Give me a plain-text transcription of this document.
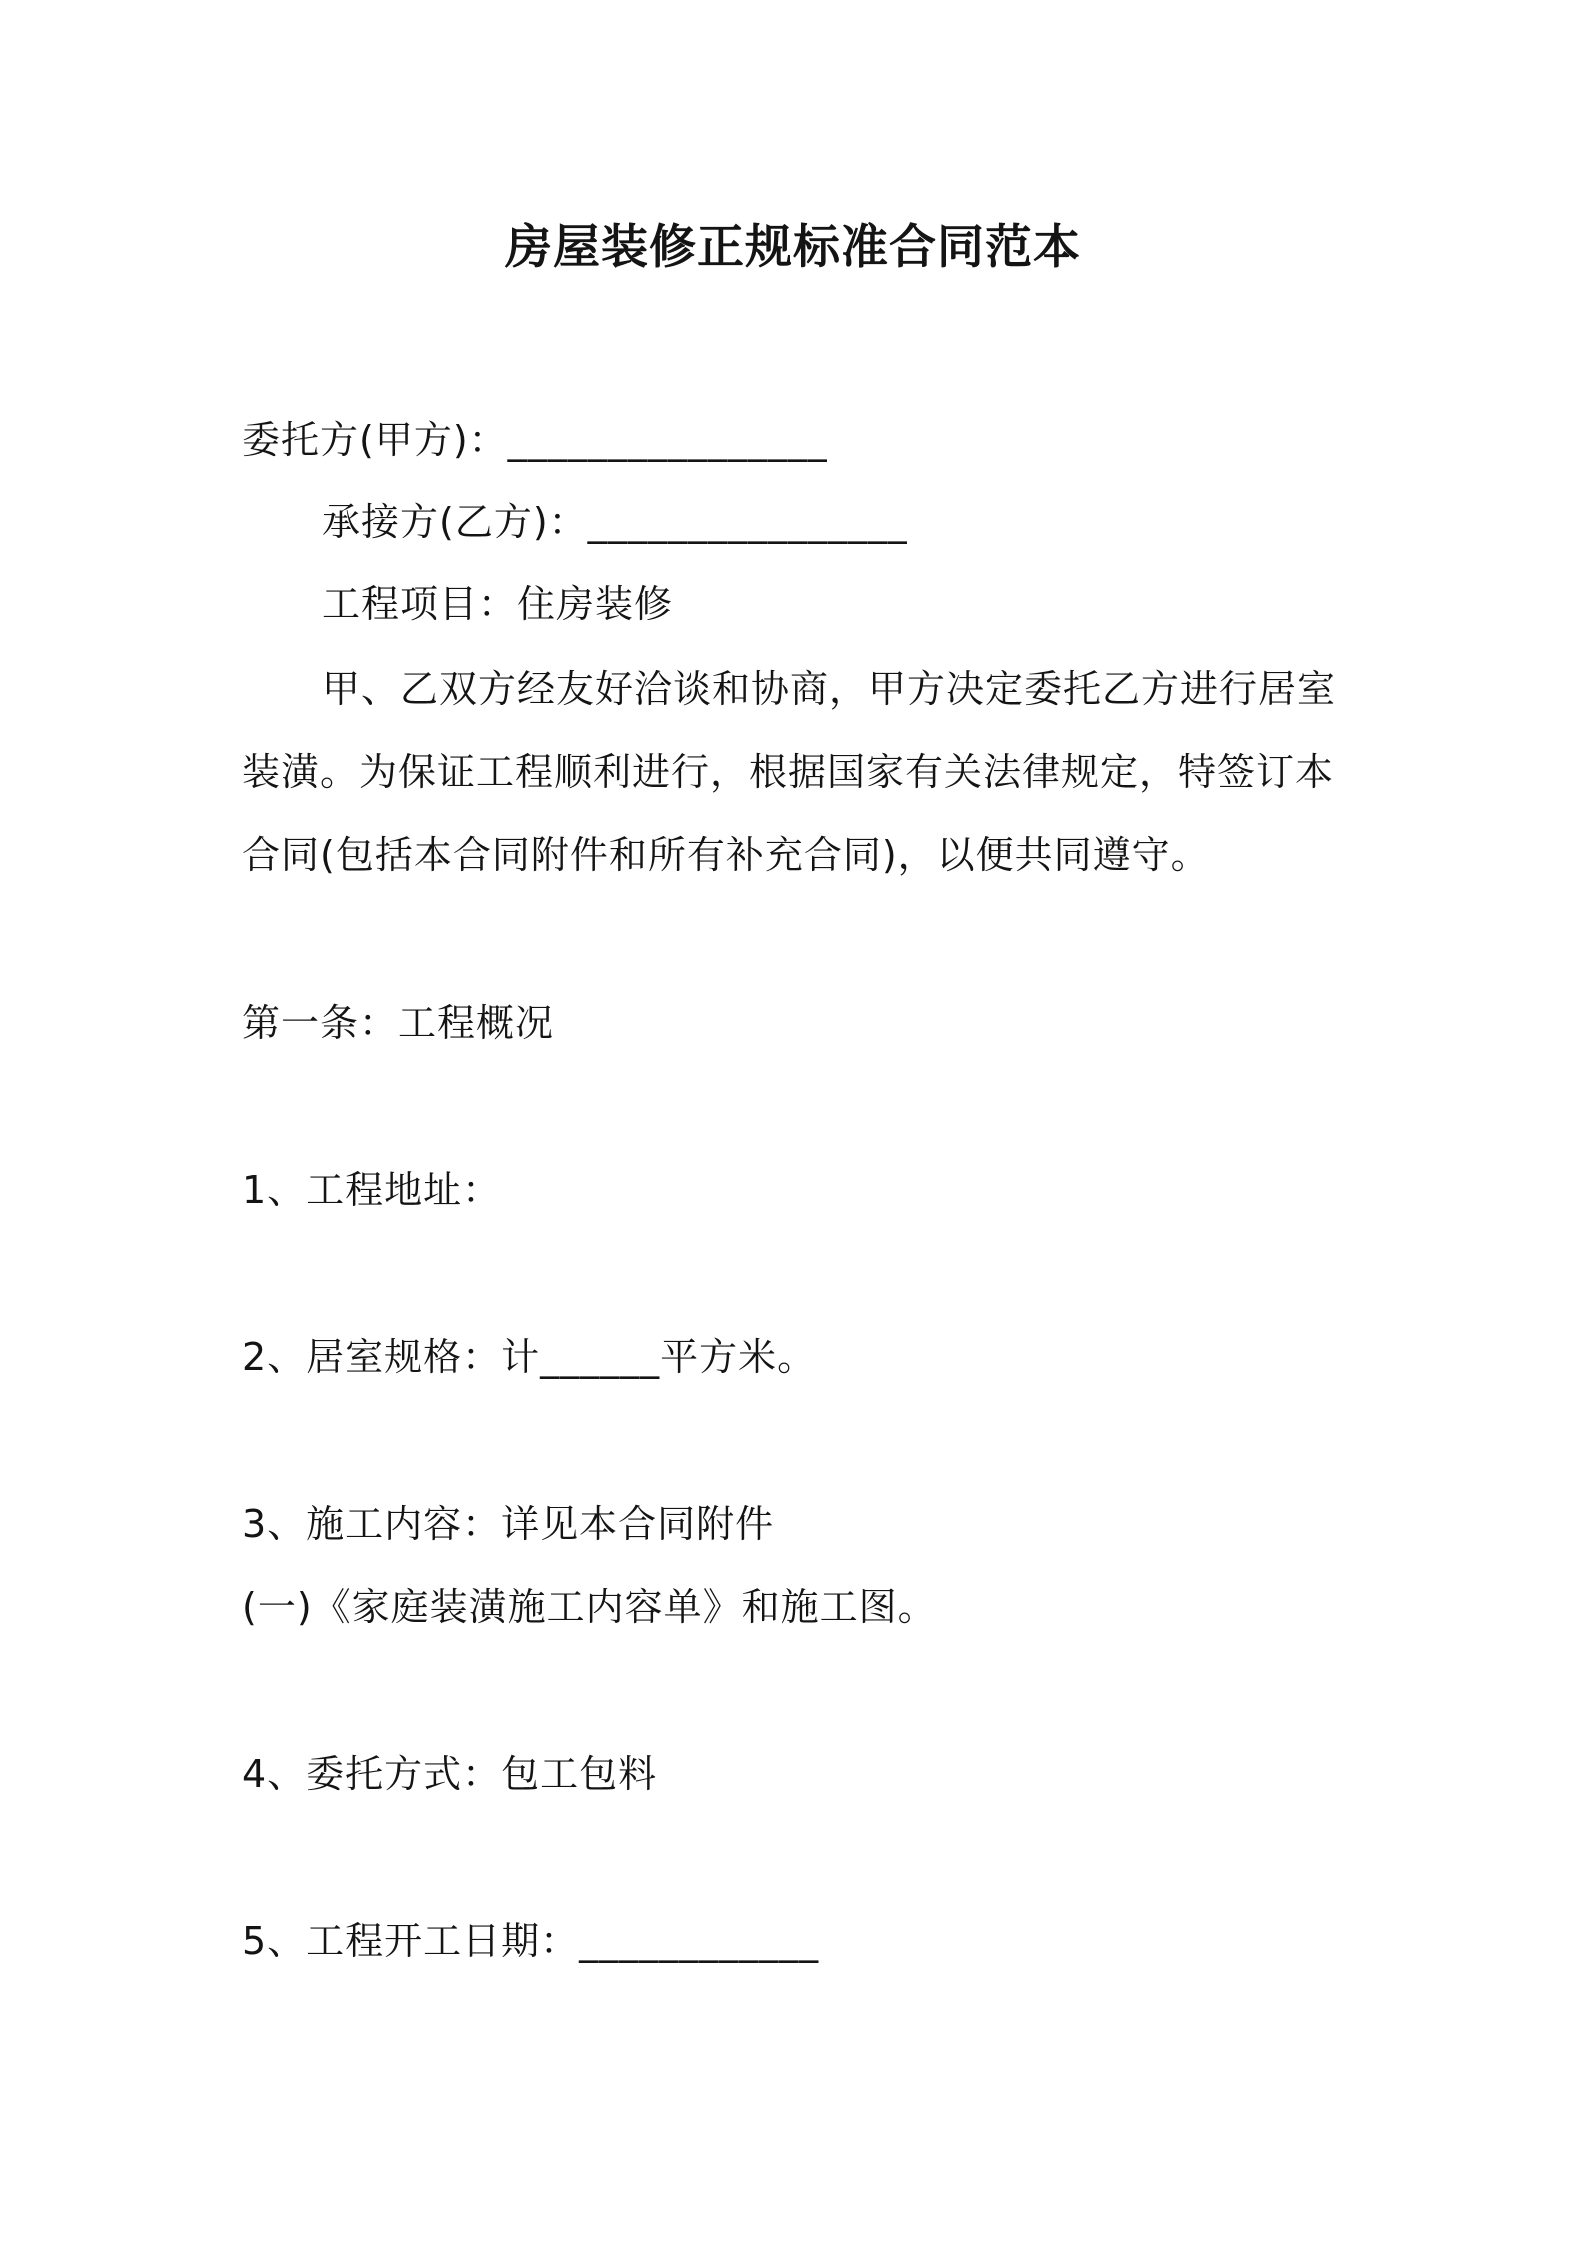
房屋装修正规标准合同范本
委托方(甲方)：________________
承接方(乙方)：________________
工程项目：住房装修
甲、乙双方经友好洽谈和协商，甲方决定委托乙方进行居室
装潢。为保证工程顺利进行，根据国家有关法律规定，特签订本
合同(包括本合同附件和所有补充合同)，以便共同遵守。
第一条：工程概况
1、工程地址：
2、居室规格：计______平方米。
3、施工内容：详见本合同附件
(一)《家庭装潢施工内容单》和施工图。
4、委托方式：包工包料
5、工程开工日期：____________
